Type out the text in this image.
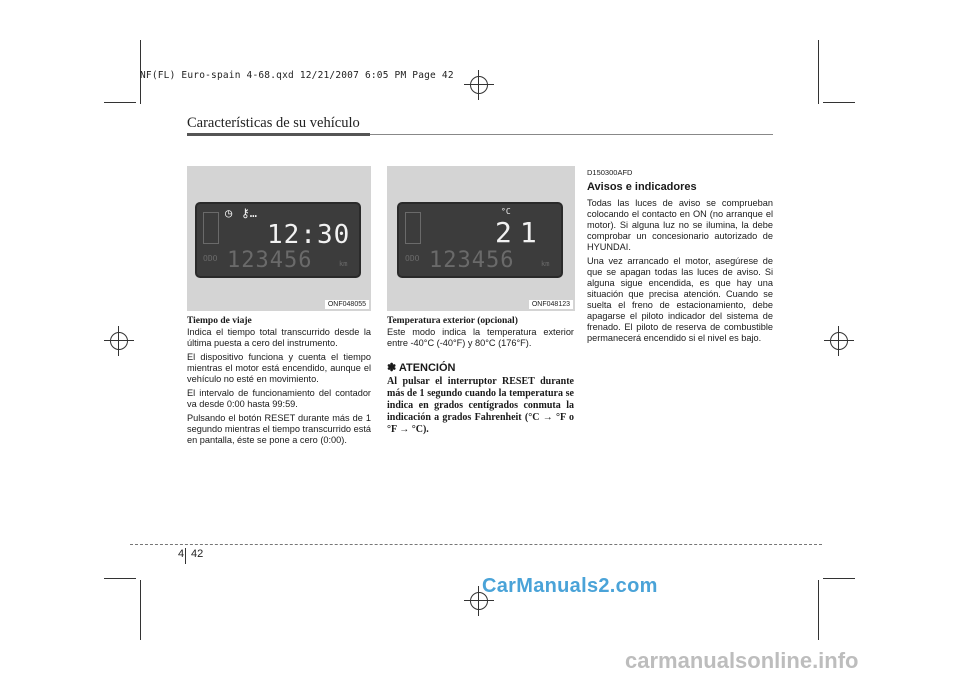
NF(FL) Euro-spain 4-68.qxd 12/21/2007 6:05 PM Page 42
Características de su vehículo
ODO
◷ ⚷…
12:30
123456	km
ONF048055
ODO
°C
21
123456	km
ONF048123
Tiempo de viaje

Indica el tiempo total transcurrido desde la última puesta a cero del instrumento.

El dispositivo funciona y cuenta el tiempo mientras el motor está encendido, aunque el vehículo no esté en movimiento.

El intervalo de funcionamiento del contador va desde 0:00 hasta 99:59.

Pulsando el botón RESET durante más de 1 segundo mientras el tiempo transcurrido está en pantalla, éste se pone a cero (0:00).

Temperatura exterior (opcional)

Este modo indica la temperatura exterior entre -40°C (-40°F) y 80°C (176°F).

✽ ATENCIÓN

Al pulsar el interruptor RESET durante más de 1 segundo cuando la temperatura se indica en grados centígrados conmuta la indicación a grados Fahrenheit (°C → °F o °F → °C).

D150300AFD
Avisos e indicadores

Todas las luces de aviso se comprueban colocando el contacto en ON (no arranque el motor). Si alguna luz no se ilumina, la debe comprobar un concesionario autorizado de HYUNDAI.

Una vez arrancado el motor, asegúrese de que se apagan todas las luces de aviso. Si alguna sigue encendida, es que hay una situación que precisa atención. Cuando se suelta el freno de estacionamiento, debe apagarse el piloto indicador del sistema de frenado. El piloto de reserva de combustible permanecerá encendido si el nivel es bajo.

4 42
CarManuals2.com
carmanualsonline.info
